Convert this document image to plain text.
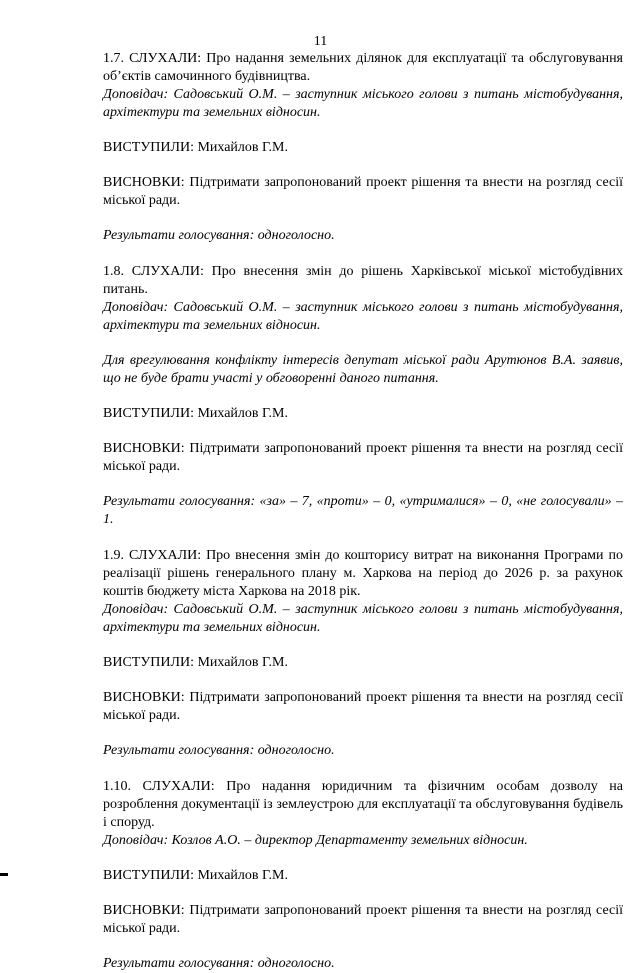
11

1.7. СЛУХАЛИ: Про надання земельних ділянок для експлуатації та обслуговування об’єктів самочинного будівництва.

Доповідач: Садовський О.М. – заступник міського голови з питань містобудування, архітектури та земельних відносин.

ВИСТУПИЛИ: Михайлов Г.М.

ВИСНОВКИ: Підтримати запропонований проект рішення та внести на розгляд сесії міської ради.

Результати голосування: одноголосно.

1.8. СЛУХАЛИ: Про внесення змін до рішень Харківської міської містобудівних питань.

Доповідач: Садовський О.М. – заступник міського голови з питань містобудування, архітектури та земельних відносин.

Для врегулювання конфлікту інтересів депутат міської ради Арутюнов В.А. заявив, що не буде брати участі у обговоренні даного питання.

ВИСТУПИЛИ: Михайлов Г.М.

ВИСНОВКИ: Підтримати запропонований проект рішення та внести на розгляд сесії міської ради.

Результати голосування: «за» – 7, «проти» – 0, «утрималися» – 0, «не голосували» – 1.

1.9. СЛУХАЛИ: Про внесення змін до кошторису витрат на виконання Програми по реалізації рішень генерального плану м. Харкова на період до 2026 р. за рахунок коштів бюджету міста Харкова на 2018 рік.

Доповідач: Садовський О.М. – заступник міського голови з питань містобудування, архітектури та земельних відносин.

ВИСТУПИЛИ: Михайлов Г.М.

ВИСНОВКИ: Підтримати запропонований проект рішення та внести на розгляд сесії міської ради.

Результати голосування: одноголосно.

1.10. СЛУХАЛИ: Про надання юридичним та фізичним особам дозволу на розроблення документації із землеустрою для експлуатації та обслуговування будівель і споруд.

Доповідач: Козлов А.О. – директор Департаменту земельних відносин.

ВИСТУПИЛИ: Михайлов Г.М.

ВИСНОВКИ: Підтримати запропонований проект рішення та внести на розгляд сесії міської ради.

Результати голосування: одноголосно.
